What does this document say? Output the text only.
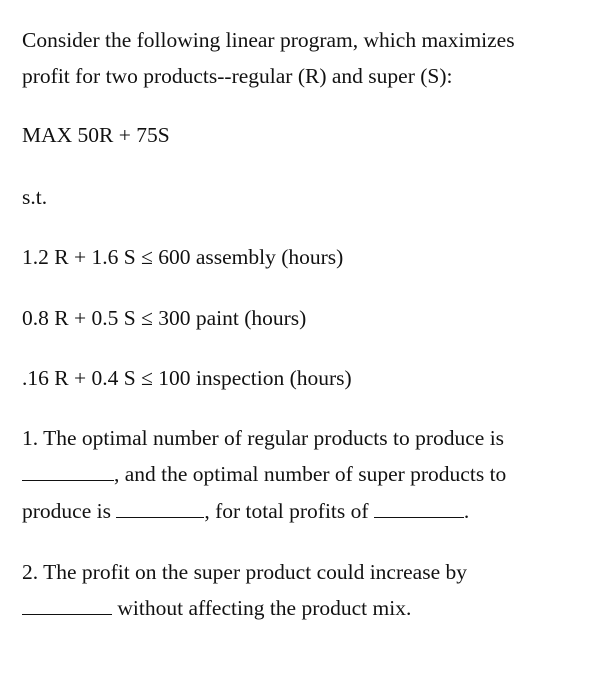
Consider the following linear program, which maximizes
profit for two products--regular (R) and super (S):
MAX 50R + 75S
s.t.
1.2 R + 1.6 S ≤ 600 assembly (hours)
0.8 R + 0.5 S ≤ 300 paint (hours)
.16 R + 0.4 S ≤ 100 inspection (hours)
1. The optimal number of regular products to produce is
, and the optimal number of super products to
produce is	, for total profits of	.
2. The profit on the super product could increase by
without affecting the product mix.
